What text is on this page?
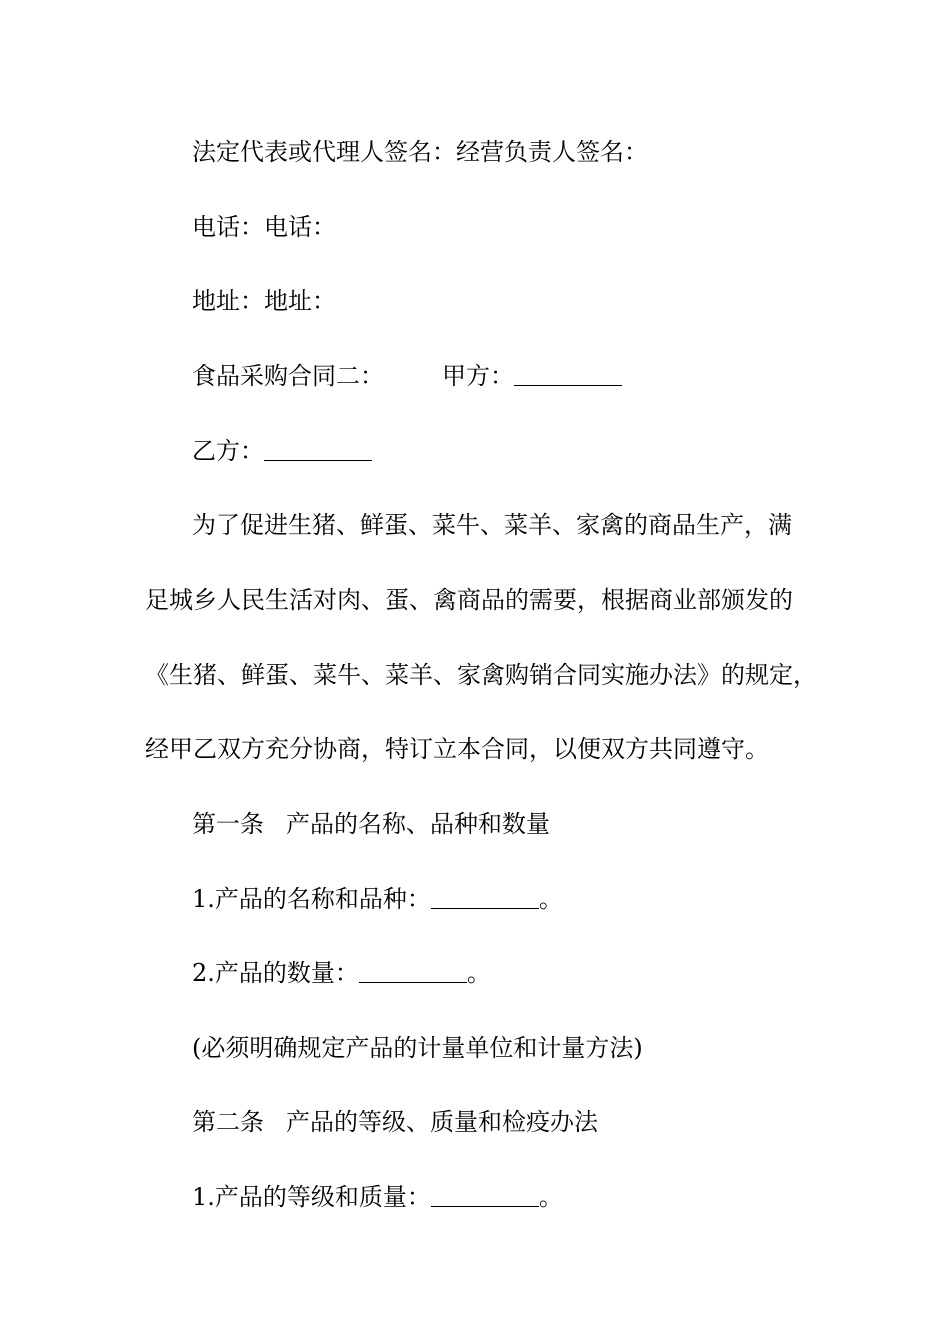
法定代表或代理人签名：经营负责人签名：
电话：电话：
地址：地址：
食品采购合同二： 甲方：
乙方：
为了促进生猪、鲜蛋、菜牛、菜羊、家禽的商品生产，满
足城乡人民生活对肉、蛋、禽商品的需要，根据商业部颁发的
《生猪、鲜蛋、菜牛、菜羊、家禽购销合同实施办法》的规定，
经甲乙双方充分协商，特订立本合同，以便双方共同遵守。
第一条 产品的名称、品种和数量
1.产品的名称和品种：	。
2.产品的数量：	。
(必须明确规定产品的计量单位和计量方法)
第二条 产品的等级、质量和检疫办法
1.产品的等级和质量：	。
